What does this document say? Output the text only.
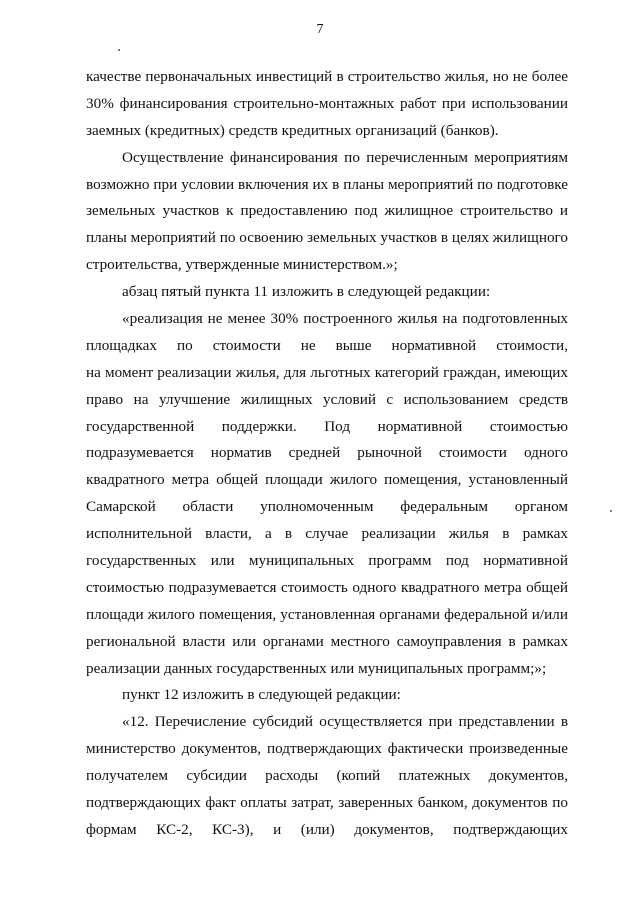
7
качестве первоначальных инвестиций в строительство жилья, но не более
30% финансирования строительно-монтажных работ при использовании
заемных (кредитных) средств кредитных организаций (банков).
Осуществление финансирования по перечисленным мероприятиям
возможно при условии включения их в планы мероприятий по подготовке
земельных участков к предоставлению под жилищное строительство и
планы мероприятий по освоению земельных участков в целях жилищного
строительства, утвержденные министерством.»;
абзац пятый пункта 11 изложить в следующей редакции:
«реализация не менее 30% построенного жилья на подготовленных
площадках по стоимости не выше нормативной стоимости,
на момент реализации жилья, для льготных категорий граждан, имеющих
право на улучшение жилищных условий с использованием средств
государственной поддержки. Под нормативной стоимостью
подразумевается норматив средней рыночной стоимости одного
квадратного метра общей площади жилого помещения, установленный
Самарской области уполномоченным федеральным органом
исполнительной власти, а в случае реализации жилья в рамках
государственных или муниципальных программ под нормативной
стоимостью подразумевается стоимость одного квадратного метра общей
площади жилого помещения, установленная органами федеральной и/или
региональной власти или органами местного самоуправления в рамках
реализации данных государственных или муниципальных программ;»;
пункт 12 изложить в следующей редакции:
«12. Перечисление субсидий осуществляется при представлении в
министерство документов, подтверждающих фактически произведенные
получателем субсидии расходы (копий платежных документов,
подтверждающих факт оплаты затрат, заверенных банком, документов по
формам КС-2, КС-3), и (или) документов, подтверждающих
